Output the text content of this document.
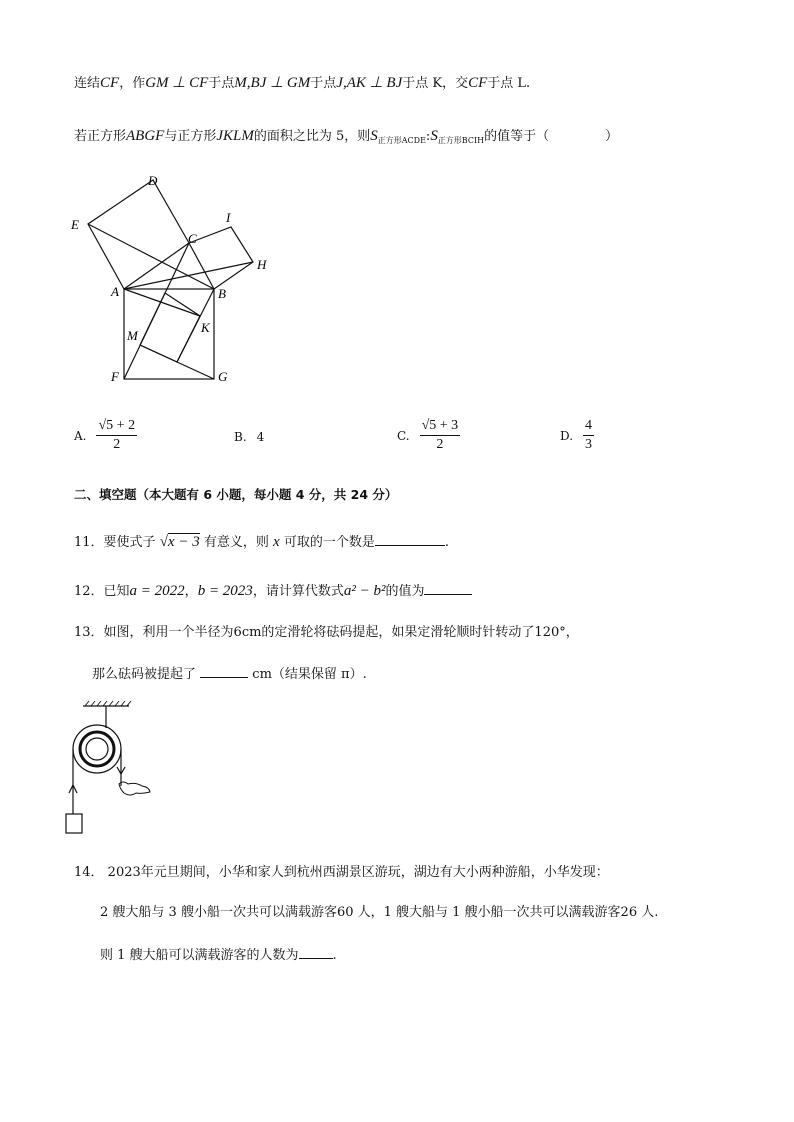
连结CF，作GM ⊥ CF于点M,BJ ⊥ GM于点J,AK ⊥ BJ于点 K，交CF于点 L.
若正方形ABGF与正方形JKLM的面积之比为 5，则$S_{正方形ACDE}:S_{正方形BCIH}$的值等于（	）
D
E
C
I
H
A	B
K
M
F	G
A. $\frac{√5 + 2}{2}$	B. 4	C. $\frac{√5 + 3}{2}$	D. $\frac{4}{3}$
二、填空题（本大题有 6 小题，每小题 4 分，共 24 分）
11．要使式子 √x − 3 有意义，则 x 可取的一个数是	.
12．已知a = 2022，b = 2023，请计算代数式a² − b²的值为
13．如图，利用一个半径为6cm的定滑轮将砝码提起，如果定滑轮顺时针转动了120°，
那么砝码被提起了	cm（结果保留 π）.
14． 2023年元旦期间，小华和家人到杭州西湖景区游玩，湖边有大小两种游船，小华发现：
2 艘大船与 3 艘小船一次共可以满载游客60 人，1 艘大船与 1 艘小船一次共可以满载游客26 人.
则 1 艘大船可以满载游客的人数为	.
